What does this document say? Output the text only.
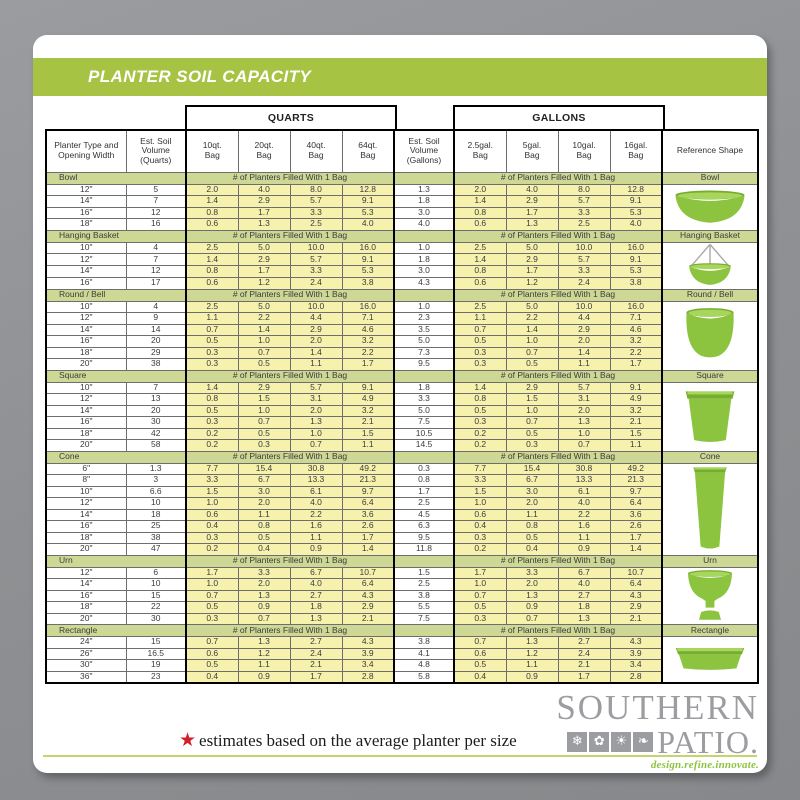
PLANTER SOIL CAPACITY
QUARTS	GALLONS
Planter Type and
Opening Width	Est. Soil
Volume
(Quarts)	10qt.
Bag	20qt.
Bag	40qt.
Bag	64qt.
Bag	Est. Soil
Volume
(Gallons)	2.5gal.
Bag	5gal.
Bag	10gal.
Bag	16gal.
Bag	Reference Shape
Bowl		# of Planters Filled With 1 Bag					# of Planters Filled With 1 Bag				Bowl
12"	5	2.0	4.0	8.0	12.8	1.3	2.0	4.0	8.0	12.8	

14"	7	1.4	2.9	5.7	9.1	1.8	1.4	2.9	5.7	9.1	
16"	12	0.8	1.7	3.3	5.3	3.0	0.8	1.7	3.3	5.3	
18"	16	0.6	1.3	2.5	4.0	4.0	0.6	1.3	2.5	4.0	
Hanging Basket		# of Planters Filled With 1 Bag					# of Planters Filled With 1 Bag				Hanging Basket
10"	4	2.5	5.0	10.0	16.0	1.0	2.5	5.0	10.0	16.0	

12"	7	1.4	2.9	5.7	9.1	1.8	1.4	2.9	5.7	9.1	
14"	12	0.8	1.7	3.3	5.3	3.0	0.8	1.7	3.3	5.3	
16"	17	0.6	1.2	2.4	3.8	4.3	0.6	1.2	2.4	3.8	
Round / Bell		# of Planters Filled With 1 Bag					# of Planters Filled With 1 Bag				Round / Bell
10"	4	2.5	5.0	10.0	16.0	1.0	2.5	5.0	10.0	16.0	

12"	9	1.1	2.2	4.4	7.1	2.3	1.1	2.2	4.4	7.1	
14"	14	0.7	1.4	2.9	4.6	3.5	0.7	1.4	2.9	4.6	
16"	20	0.5	1.0	2.0	3.2	5.0	0.5	1.0	2.0	3.2	
18"	29	0.3	0.7	1.4	2.2	7.3	0.3	0.7	1.4	2.2	
20"	38	0.3	0.5	1.1	1.7	9.5	0.3	0.5	1.1	1.7	
Square		# of Planters Filled With 1 Bag					# of Planters Filled With 1 Bag				Square
10"	7	1.4	2.9	5.7	9.1	1.8	1.4	2.9	5.7	9.1	

12"	13	0.8	1.5	3.1	4.9	3.3	0.8	1.5	3.1	4.9	
14"	20	0.5	1.0	2.0	3.2	5.0	0.5	1.0	2.0	3.2	
16"	30	0.3	0.7	1.3	2.1	7.5	0.3	0.7	1.3	2.1	
18"	42	0.2	0.5	1.0	1.5	10.5	0.2	0.5	1.0	1.5	
20"	58	0.2	0.3	0.7	1.1	14.5	0.2	0.3	0.7	1.1	
Cone		# of Planters Filled With 1 Bag					# of Planters Filled With 1 Bag				Cone
6"	1.3	7.7	15.4	30.8	49.2	0.3	7.7	15.4	30.8	49.2	

8"	3	3.3	6.7	13.3	21.3	0.8	3.3	6.7	13.3	21.3	
10"	6.6	1.5	3.0	6.1	9.7	1.7	1.5	3.0	6.1	9.7	
12"	10	1.0	2.0	4.0	6.4	2.5	1.0	2.0	4.0	6.4	
14"	18	0.6	1.1	2.2	3.6	4.5	0.6	1.1	2.2	3.6	
16"	25	0.4	0.8	1.6	2.6	6.3	0.4	0.8	1.6	2.6	
18"	38	0.3	0.5	1.1	1.7	9.5	0.3	0.5	1.1	1.7	
20"	47	0.2	0.4	0.9	1.4	11.8	0.2	0.4	0.9	1.4	
Urn		# of Planters Filled With 1 Bag					# of Planters Filled With 1 Bag				Urn
12"	6	1.7	3.3	6.7	10.7	1.5	1.7	3.3	6.7	10.7	

14"	10	1.0	2.0	4.0	6.4	2.5	1.0	2.0	4.0	6.4	
16"	15	0.7	1.3	2.7	4.3	3.8	0.7	1.3	2.7	4.3	
18"	22	0.5	0.9	1.8	2.9	5.5	0.5	0.9	1.8	2.9	
20"	30	0.3	0.7	1.3	2.1	7.5	0.3	0.7	1.3	2.1	
Rectangle		# of Planters Filled With 1 Bag					# of Planters Filled With 1 Bag				Rectangle
24"	15	0.7	1.3	2.7	4.3	3.8	0.7	1.3	2.7	4.3	

26"	16.5	0.6	1.2	2.4	3.9	4.1	0.6	1.2	2.4	3.9	
30"	19	0.5	1.1	2.1	3.4	4.8	0.5	1.1	2.1	3.4	
36"	23	0.4	0.9	1.7	2.8	5.8	0.4	0.9	1.7	2.8	
★ estimates based on the average planter per size
SOUTHERN
❄ ✿ ☀ ❧ PATIO.
design.refine.innovate.
